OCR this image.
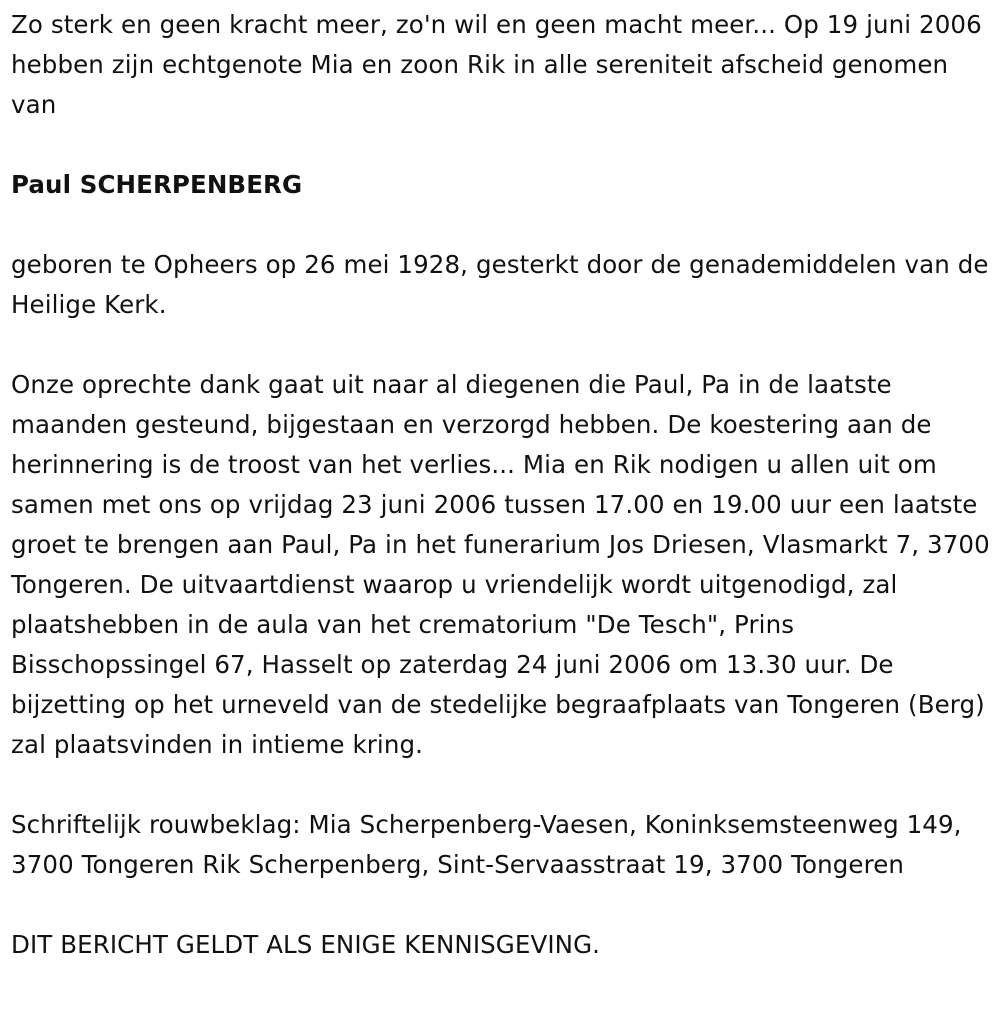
Zo sterk en geen kracht meer, zo'n wil en geen macht meer... Op 19 juni 2006 hebben zijn echtgenote Mia en zoon Rik in alle sereniteit afscheid genomen van

Paul SCHERPENBERG

geboren te Opheers op 26 mei 1928, gesterkt door de genademiddelen van de Heilige Kerk.

Onze oprechte dank gaat uit naar al diegenen die Paul, Pa in de laatste maanden gesteund, bijgestaan en verzorgd hebben. De koestering aan de herinnering is de troost van het verlies... Mia en Rik nodigen u allen uit om samen met ons op vrijdag 23 juni 2006 tussen 17.00 en 19.00 uur een laatste groet te brengen aan Paul, Pa in het funerarium Jos Driesen, Vlasmarkt 7, 3700 Tongeren. De uitvaartdienst waarop u vriendelijk wordt uitgenodigd, zal plaatshebben in de aula van het crematorium "De Tesch", Prins Bisschopssingel 67, Hasselt op zaterdag 24 juni 2006 om 13.30 uur. De bijzetting op het urneveld van de stedelijke begraafplaats van Tongeren (Berg) zal plaatsvinden in intieme kring.

Schriftelijk rouwbeklag: Mia Scherpenberg-Vaesen, Koninksemsteenweg 149, 3700 Tongeren Rik Scherpenberg, Sint-Servaasstraat 19, 3700 Tongeren

DIT BERICHT GELDT ALS ENIGE KENNISGEVING.
